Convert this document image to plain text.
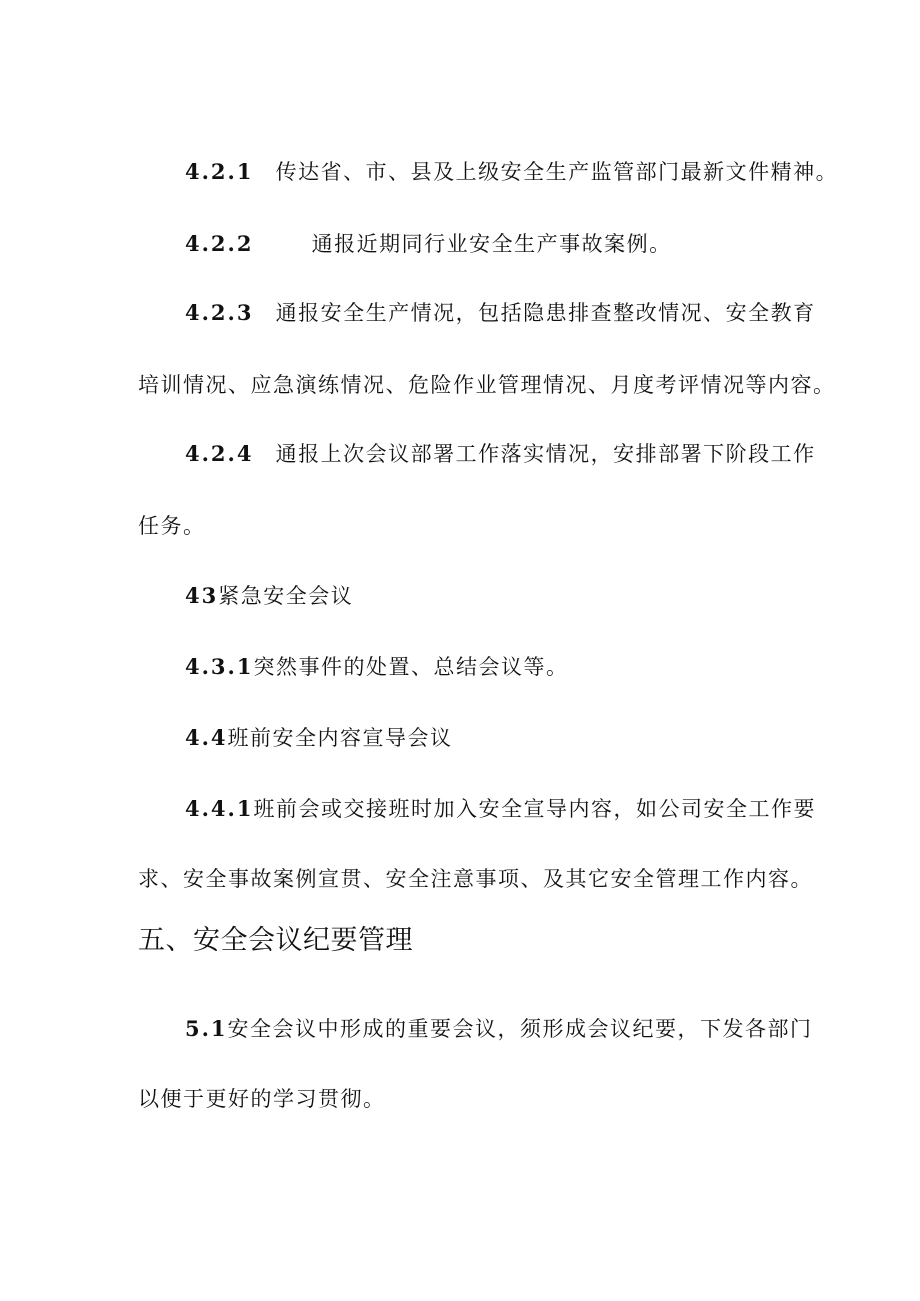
4.2.1 传达省、市、县及上级安全生产监管部门最新文件精神。
4.2.2	通报近期同行业安全生产事故案例。
4.2.3 通报安全生产情况，包括隐患排查整改情况、安全教育
培训情况、应急演练情况、危险作业管理情况、月度考评情况等内容。
4.2.4 通报上次会议部署工作落实情况，安排部署下阶段工作
任务。
43紧急安全会议
4.3.1突然事件的处置、总结会议等。
4.4班前安全内容宣导会议
4.4.1班前会或交接班时加入安全宣导内容，如公司安全工作要
求、安全事故案例宣贯、安全注意事项、及其它安全管理工作内容。
五、安全会议纪要管理
5.1安全会议中形成的重要会议，须形成会议纪要，下发各部门
以便于更好的学习贯彻。
